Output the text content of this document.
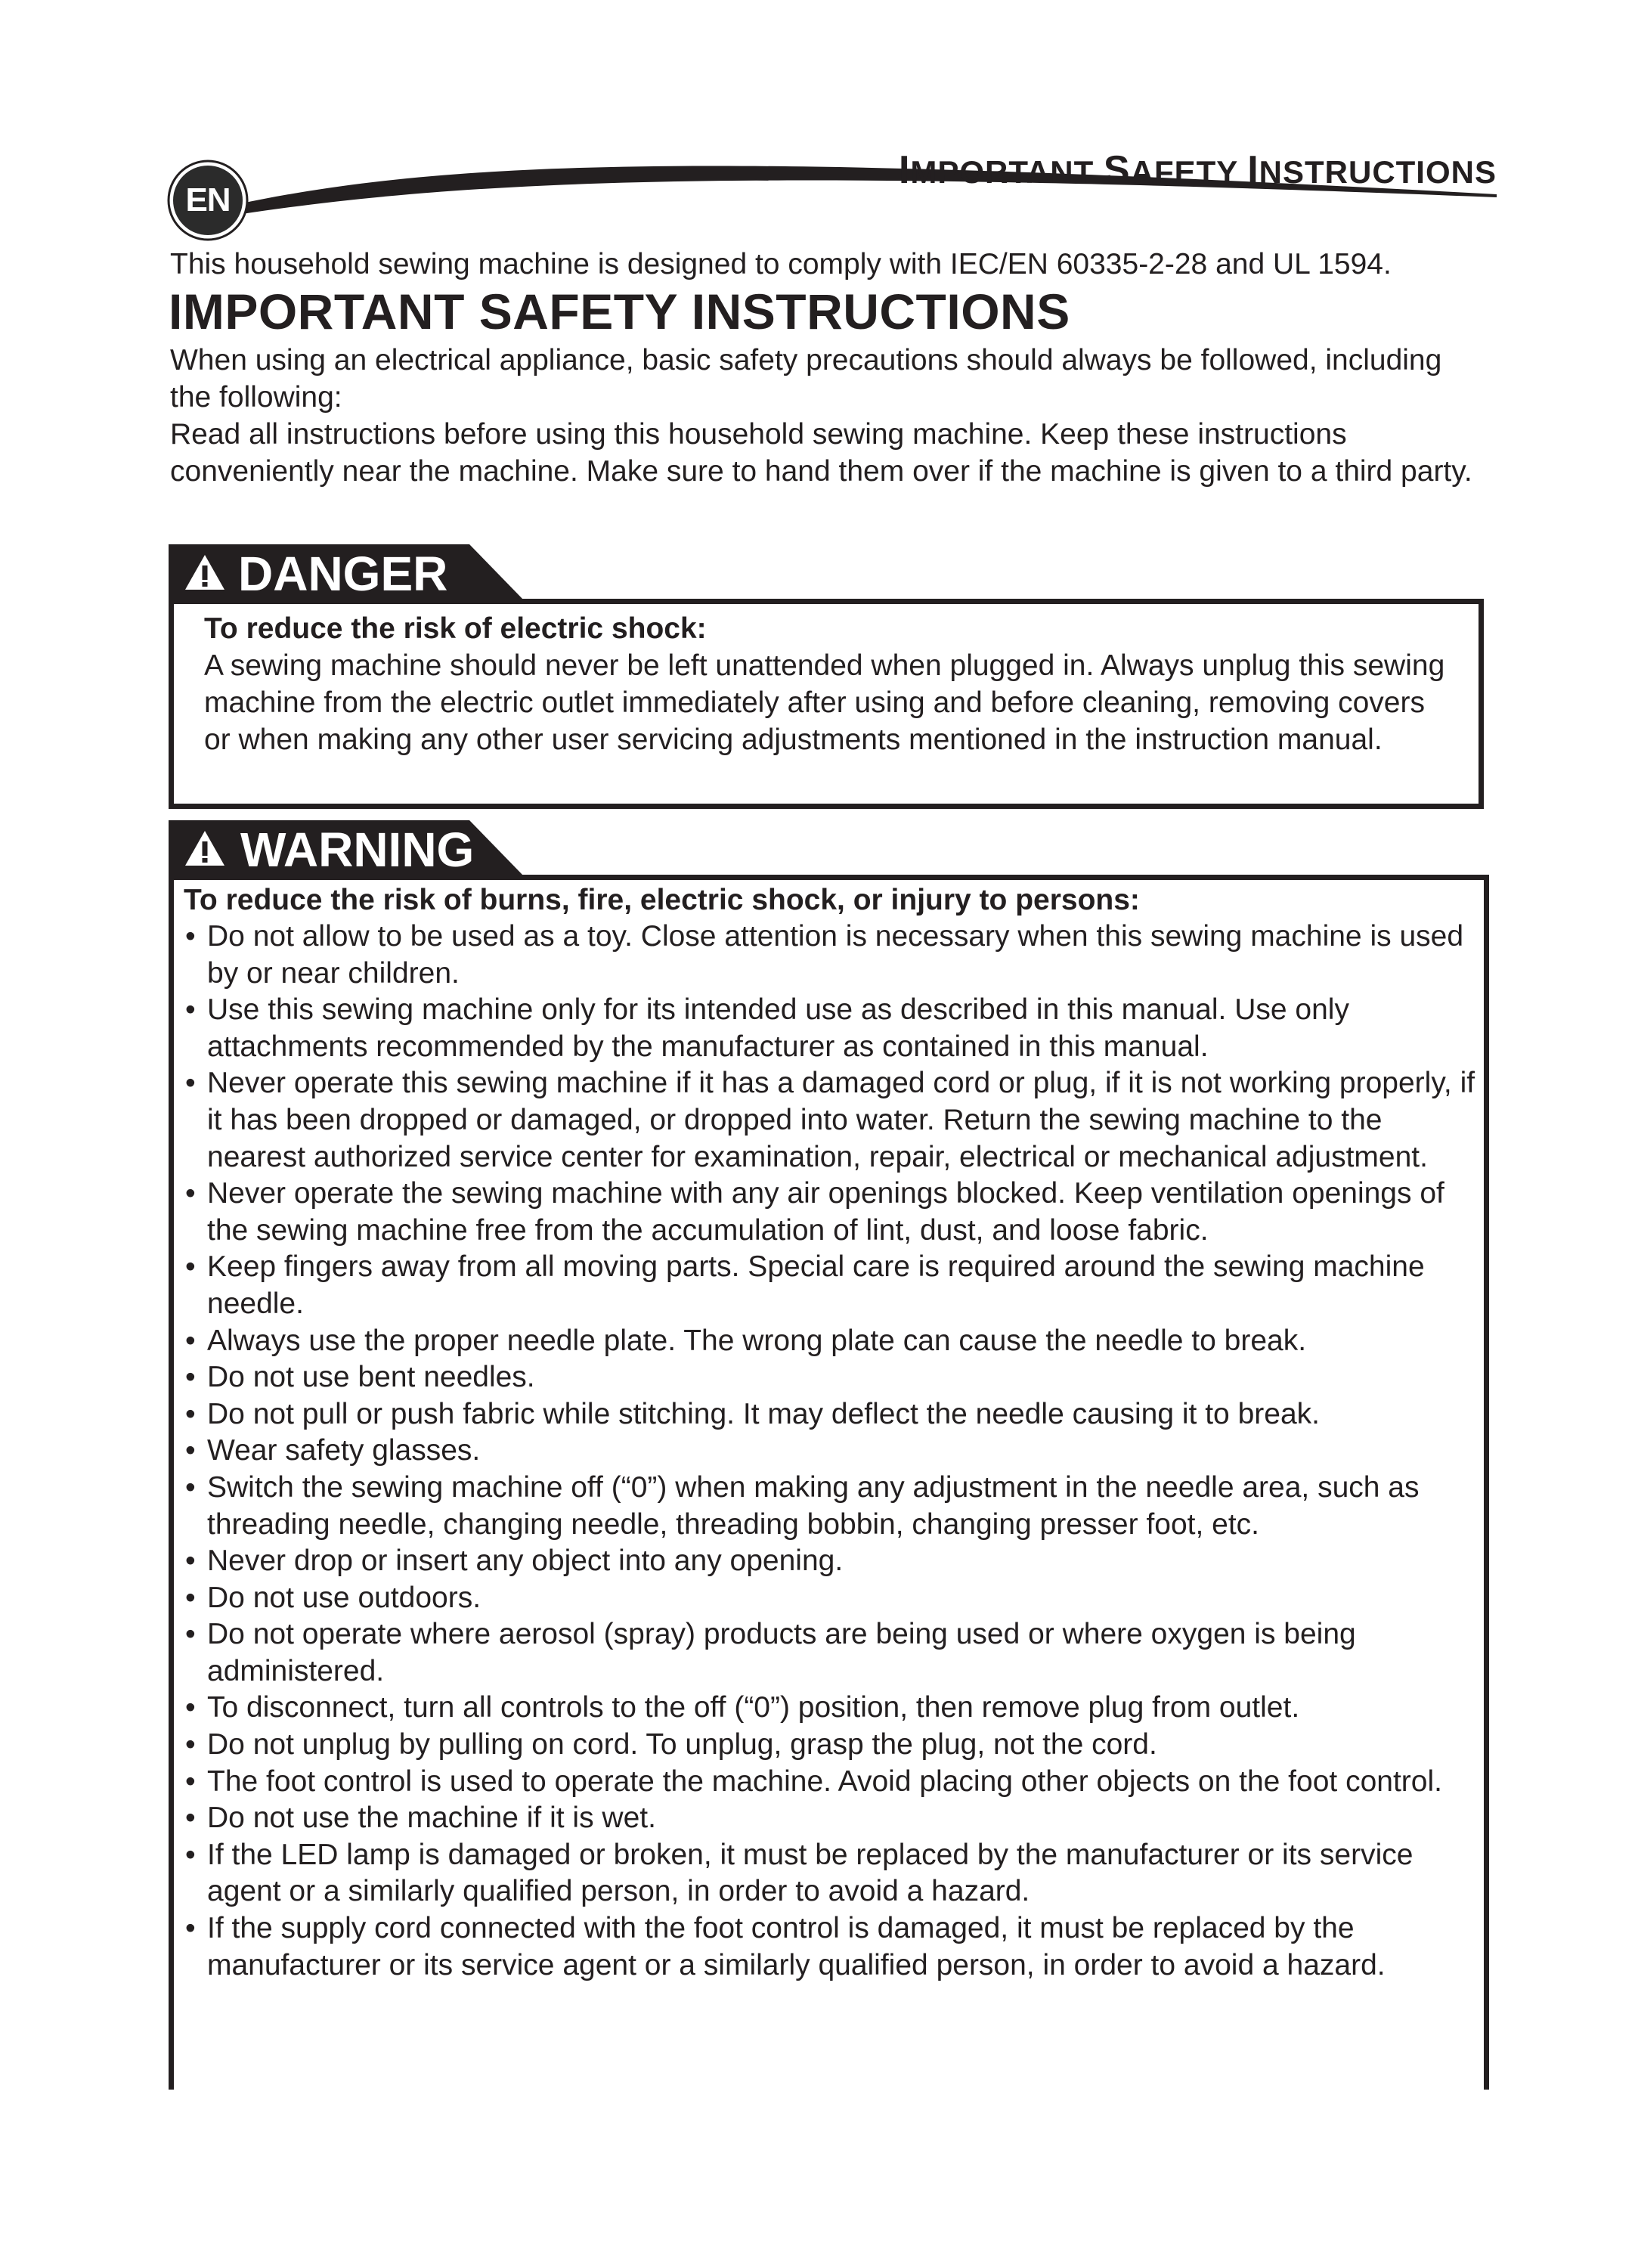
EN
IMPORTANT SAFETY INSTRUCTIONS
This household sewing machine is designed to comply with IEC/EN 60335-2-28 and UL 1594.
IMPORTANT SAFETY INSTRUCTIONS

When using an electrical appliance, basic safety precautions should always be followed, including the following:

Read all instructions before using this household sewing machine. Keep these instructions conveniently near the machine. Make sure to hand them over if the machine is given to a third party.

DANGER
To reduce the risk of electric shock:
A sewing machine should never be left unattended when plugged in. Always unplug this sewing machine from the electric outlet immediately after using and before cleaning, removing covers or when making any other user servicing adjustments mentioned in the instruction manual.
WARNING
To reduce the risk of burns, fire, electric shock, or injury to persons:
• Do not allow to be used as a toy. Close attention is necessary when this sewing machine is used by or near children.
• Use this sewing machine only for its intended use as described in this manual. Use only attachments recommended by the manufacturer as contained in this manual.
• Never operate this sewing machine if it has a damaged cord or plug, if it is not working properly, if it has been dropped or damaged, or dropped into water. Return the sewing machine to the nearest authorized service center for examination, repair, electrical or mechanical adjustment.
• Never operate the sewing machine with any air openings blocked. Keep ventilation openings of the sewing machine free from the accumulation of lint, dust, and loose fabric.
• Keep fingers away from all moving parts. Special care is required around the sewing machine needle.
• Always use the proper needle plate. The wrong plate can cause the needle to break.
• Do not use bent needles.
• Do not pull or push fabric while stitching. It may deflect the needle causing it to break.
• Wear safety glasses.
• Switch the sewing machine off (“0”) when making any adjustment in the needle area, such as threading needle, changing needle, threading bobbin, changing presser foot, etc.
• Never drop or insert any object into any opening.
• Do not use outdoors.
• Do not operate where aerosol (spray) products are being used or where oxygen is being administered.
• To disconnect, turn all controls to the off (“0”) position, then remove plug from outlet.
• Do not unplug by pulling on cord. To unplug, grasp the plug, not the cord.
• The foot control is used to operate the machine. Avoid placing other objects on the foot control.
• Do not use the machine if it is wet.
• If the LED lamp is damaged or broken, it must be replaced by the manufacturer or its service agent or a similarly qualified person, in order to avoid a hazard.
• If the supply cord connected with the foot control is damaged, it must be replaced by the manufacturer or its service agent or a similarly qualified person, in order to avoid a hazard.
